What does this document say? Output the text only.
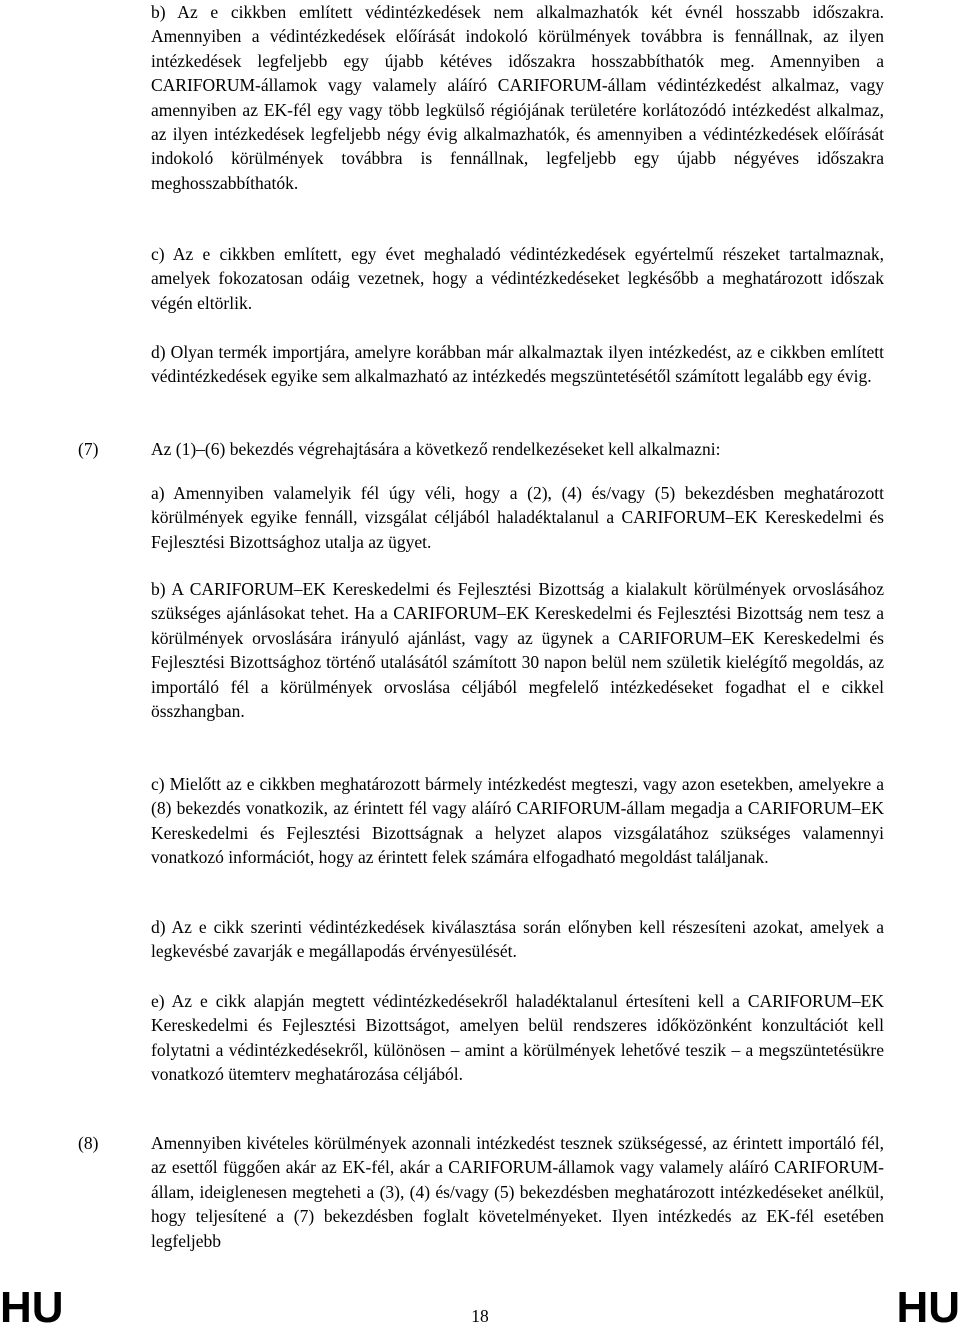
b) Az e cikkben említett védintézkedések nem alkalmazhatók két évnél hosszabb időszakra. Amennyiben a védintézkedések előírását indokoló körülmények továbbra is fennállnak, az ilyen intézkedések legfeljebb egy újabb kétéves időszakra hosszabbíthatók meg. Amennyiben a CARIFORUM-államok vagy valamely aláíró CARIFORUM-állam védintézkedést alkalmaz, vagy amennyiben az EK-fél egy vagy több legkülső régiójának területére korlátozódó intézkedést alkalmaz, az ilyen intézkedések legfeljebb négy évig alkalmazhatók, és amennyiben a védintézkedések előírását indokoló körülmények továbbra is fennállnak, legfeljebb egy újabb négyéves időszakra meghosszabbíthatók.

c) Az e cikkben említett, egy évet meghaladó védintézkedések egyértelmű részeket tartalmaznak, amelyek fokozatosan odáig vezetnek, hogy a védintézkedéseket legkésőbb a meghatározott időszak végén eltörlik.

d) Olyan termék importjára, amelyre korábban már alkalmaztak ilyen intézkedést, az e cikkben említett védintézkedések egyike sem alkalmazható az intézkedés megszüntetésétől számított legalább egy évig.

(7)	Az (1)–(6) bekezdés végrehajtására a következő rendelkezéseket kell alkalmazni:

a) Amennyiben valamelyik fél úgy véli, hogy a (2), (4) és/vagy (5) bekezdésben meghatározott körülmények egyike fennáll, vizsgálat céljából haladéktalanul a CARIFORUM–EK Kereskedelmi és Fejlesztési Bizottsághoz utalja az ügyet.

b) A CARIFORUM–EK Kereskedelmi és Fejlesztési Bizottság a kialakult körülmények orvoslásához szükséges ajánlásokat tehet. Ha a CARIFORUM–EK Kereskedelmi és Fejlesztési Bizottság nem tesz a körülmények orvoslására irányuló ajánlást, vagy az ügynek a CARIFORUM–EK Kereskedelmi és Fejlesztési Bizottsághoz történő utalásától számított 30 napon belül nem születik kielégítő megoldás, az importáló fél a körülmények orvoslása céljából megfelelő intézkedéseket fogadhat el e cikkel összhangban.

c) Mielőtt az e cikkben meghatározott bármely intézkedést megteszi, vagy azon esetekben, amelyekre a (8) bekezdés vonatkozik, az érintett fél vagy aláíró CARIFORUM-állam megadja a CARIFORUM–EK Kereskedelmi és Fejlesztési Bizottságnak a helyzet alapos vizsgálatához szükséges valamennyi vonatkozó információt, hogy az érintett felek számára elfogadható megoldást találjanak.

d) Az e cikk szerinti védintézkedések kiválasztása során előnyben kell részesíteni azokat, amelyek a legkevésbé zavarják e megállapodás érvényesülését.

e) Az e cikk alapján megtett védintézkedésekről haladéktalanul értesíteni kell a CARIFORUM–EK Kereskedelmi és Fejlesztési Bizottságot, amelyen belül rendszeres időközönként konzultációt kell folytatni a védintézkedésekről, különösen – amint a körülmények lehetővé teszik – a megszüntetésükre vonatkozó ütemterv meghatározása céljából.

(8)	Amennyiben kivételes körülmények azonnali intézkedést tesznek szükségessé, az érintett importáló fél, az esettől függően akár az EK-fél, akár a CARIFORUM-államok vagy valamely aláíró CARIFORUM-állam, ideiglenesen megteheti a (3), (4) és/vagy (5) bekezdésben meghatározott intézkedéseket anélkül, hogy teljesítené a (7) bekezdésben foglalt követelményeket. Ilyen intézkedés az EK-fél esetében legfeljebb

HU	18	HU
